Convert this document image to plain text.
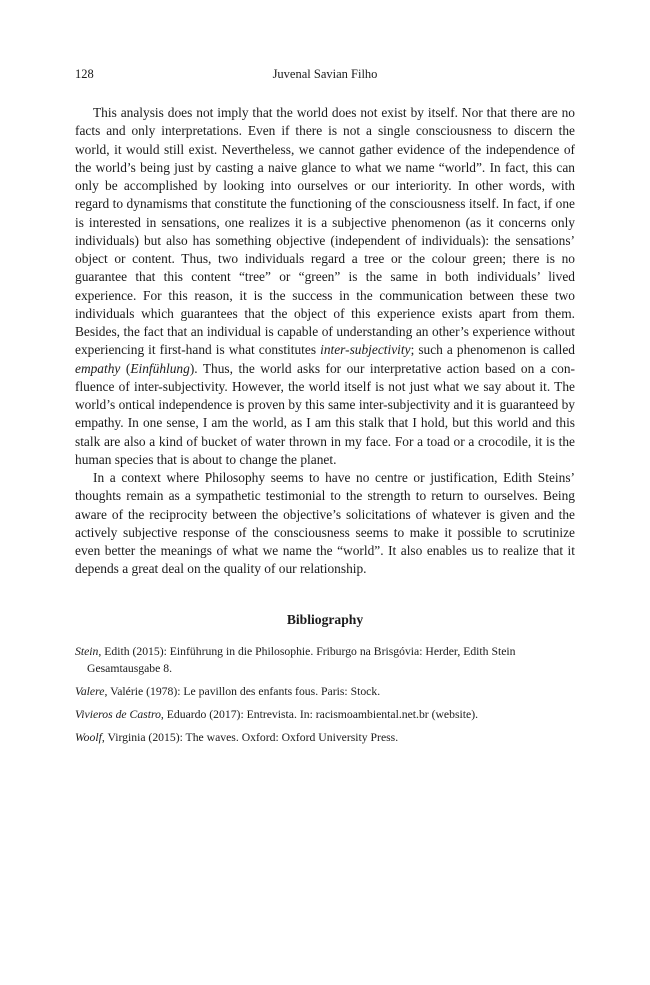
128	Juvenal Savian Filho

This analysis does not imply that the world does not exist by itself. Nor that there are no facts and only interpretations. Even if there is not a single consciousness to discern the world, it would still exist. Nevertheless, we cannot gather evidence of the independence of the world’s being just by casting a naive glance to what we name “world”. In fact, this can only be accomplished by looking into ourselves or our interiority. In other words, with regard to dynamisms that constitute the functioning of the consciousness itself. In fact, if one is interested in sensations, one realizes it is a subjective phenomenon (as it concerns only individuals) but also has something objective (independent of individuals): the sensations’ object or content. Thus, two individuals regard a tree or the colour green; there is no guarantee that this content “tree” or “green” is the same in both individuals’ lived experience. For this reason, it is the success in the communication between these two individuals which guarantees that the object of this experience exists apart from them. Besides, the fact that an individual is capable of understanding an other’s experience without experiencing it first-hand is what constitutes inter-subjectivity; such a phenomenon is called empathy (Einfühlung). Thus, the world asks for our interpretative action based on a confluence of inter-subjectivity. However, the world itself is not just what we say about it. The world’s ontical independence is proven by this same inter-subjectivity and it is guaranteed by empathy. In one sense, I am the world, as I am this stalk that I hold, but this world and this stalk are also a kind of bucket of water thrown in my face. For a toad or a crocodile, it is the human species that is about to change the planet.

In a context where Philosophy seems to have no centre or justification, Edith Steins’ thoughts remain as a sympathetic testimonial to the strength to return to ourselves. Being aware of the reciprocity between the objective’s solicitations of whatever is given and the actively subjective response of the consciousness seems to make it possible to scrutinize even better the meanings of what we name the “world”. It also enables us to realize that it depends a great deal on the quality of our relationship.

Bibliography
Stein, Edith (2015): Einführung in die Philosophie. Friburgo na Brisgóvia: Herder, Edith Stein Gesamtausgabe 8.
Valere, Valérie (1978): Le pavillon des enfants fous. Paris: Stock.
Vivieros de Castro, Eduardo (2017): Entrevista. In: racismoambiental.net.br (website).
Woolf, Virginia (2015): The waves. Oxford: Oxford University Press.
